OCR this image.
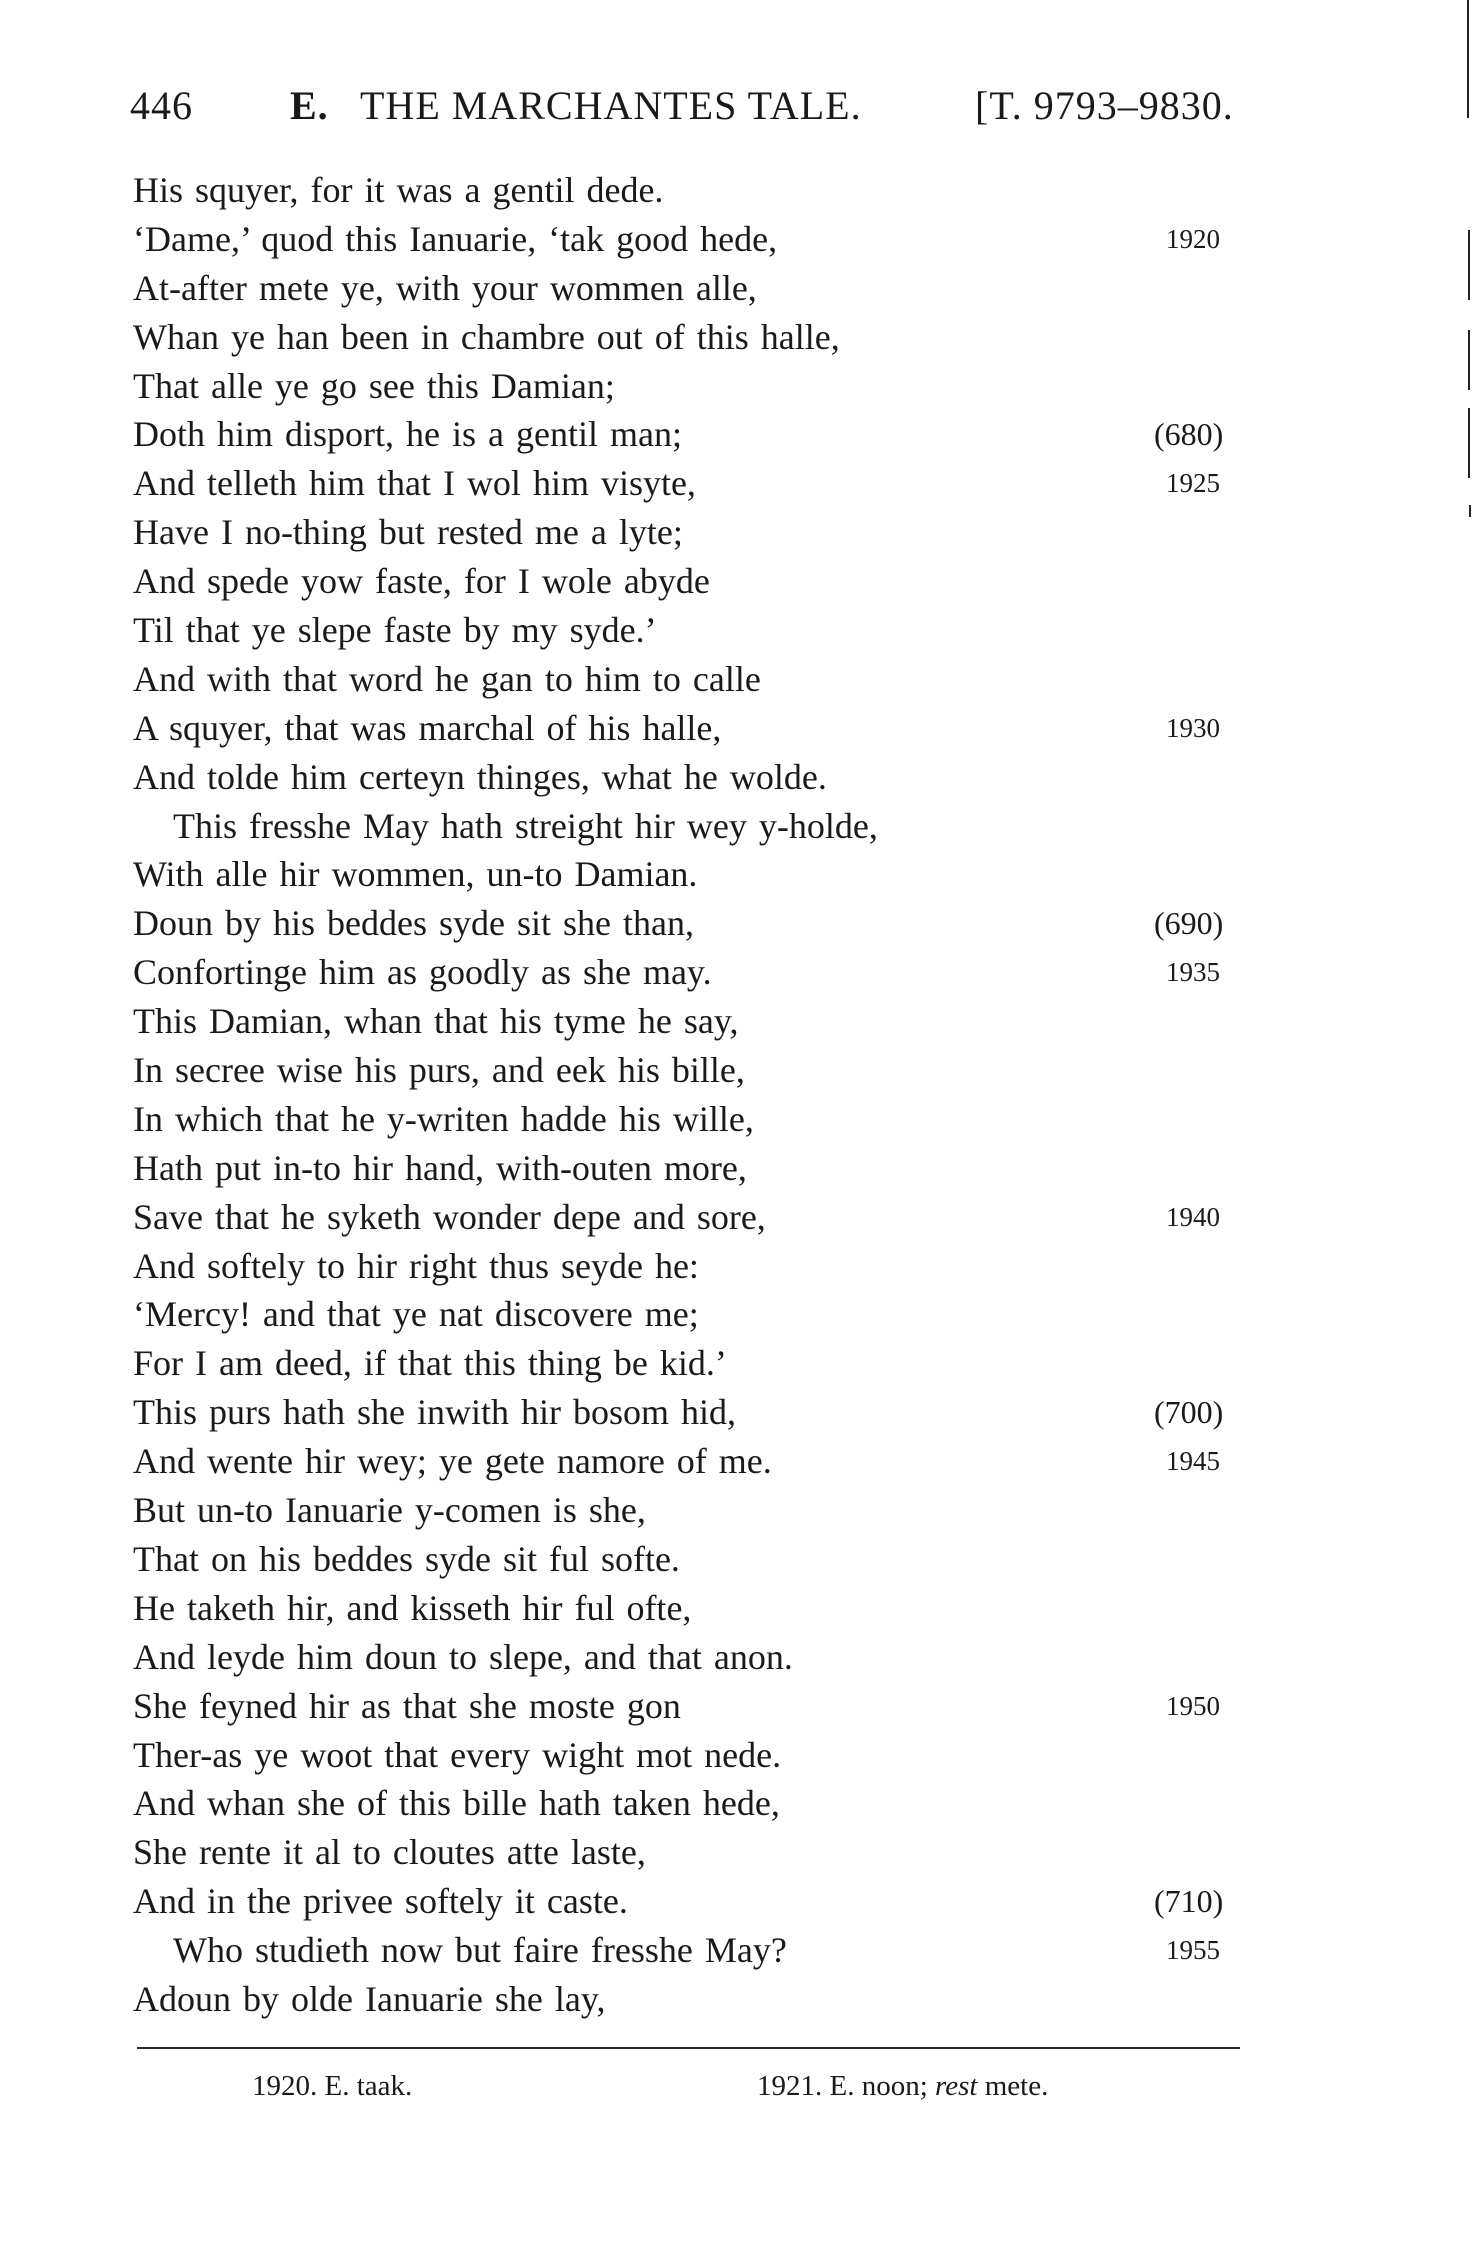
446 E. THE MARCHANTES TALE.	[T. 9793–9830.
His squyer, for it was a gentil dede.
‘Dame,’ quod this Ianuarie, ‘tak good hede,	1920
At-after mete ye, with your wommen alle,
Whan ye han been in chambre out of this halle,
That alle ye go see this Damian;
Doth him disport, he is a gentil man;	(680)
And telleth him that I wol him visyte,	1925
Have I no-thing but rested me a lyte;
And spede yow faste, for I wole abyde
Til that ye slepe faste by my syde.’
And with that word he gan to him to calle
A squyer, that was marchal of his halle,	1930
And tolde him certeyn thinges, what he wolde.
This fresshe May hath streight hir wey y-holde,
With alle hir wommen, un-to Damian.
Doun by his beddes syde sit she than,	(690)
Confortinge him as goodly as she may.	1935
This Damian, whan that his tyme he say,
In secree wise his purs, and eek his bille,
In which that he y-writen hadde his wille,
Hath put in-to hir hand, with-outen more,
Save that he syketh wonder depe and sore,	1940
And softely to hir right thus seyde he:
‘Mercy! and that ye nat discovere me;
For I am deed, if that this thing be kid.’
This purs hath she inwith hir bosom hid,	(700)
And wente hir wey; ye gete namore of me.	1945
But un-to Ianuarie y-comen is she,
That on his beddes syde sit ful softe.
He taketh hir, and kisseth hir ful ofte,
And leyde him doun to slepe, and that anon.
She feyned hir as that she moste gon	1950
Ther-as ye woot that every wight mot nede.
And whan she of this bille hath taken hede,
She rente it al to cloutes atte laste,
And in the privee softely it caste.	(710)
Who studieth now but faire fresshe May?	1955
Adoun by olde Ianuarie she lay,
1920. E. taak.	1921. E. noon; rest mete.
